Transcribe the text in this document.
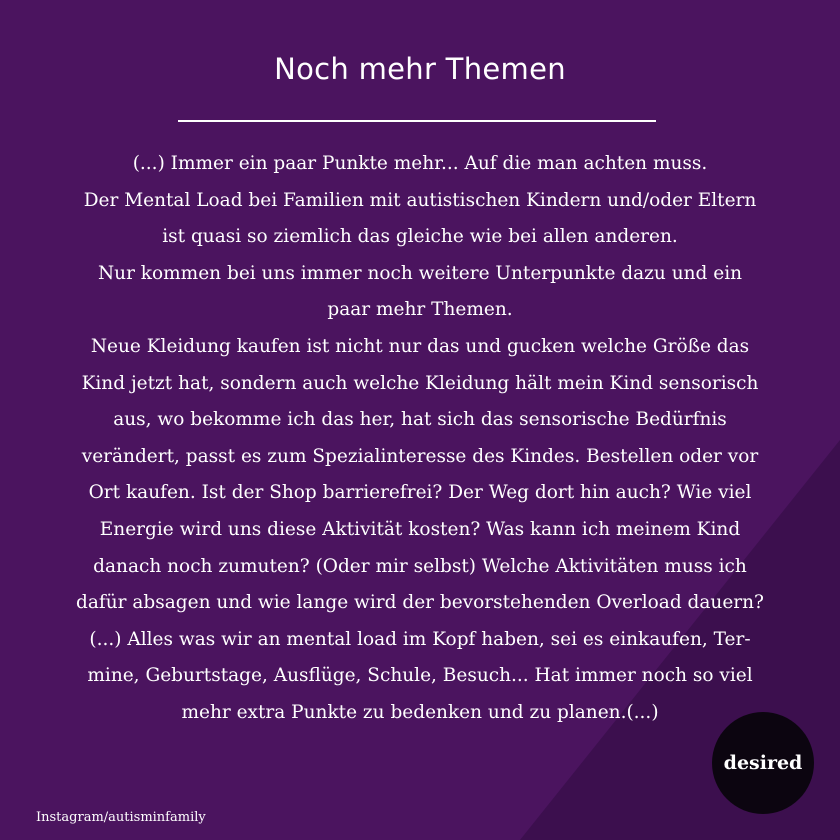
Noch mehr Themen

(...) Immer ein paar Punkte mehr... Auf die man achten muss.
Der Mental Load bei Familien mit autistischen Kindern und/oder Eltern
ist quasi so ziemlich das gleiche wie bei allen anderen.
Nur kommen bei uns immer noch weitere Unterpunkte dazu und ein
paar mehr Themen.
Neue Kleidung kaufen ist nicht nur das und gucken welche Größe das
Kind jetzt hat, sondern auch welche Kleidung hält mein Kind sensorisch
aus, wo bekomme ich das her, hat sich das sensorische Bedürfnis
verändert, passt es zum Spezialinteresse des Kindes. Bestellen oder vor
Ort kaufen. Ist der Shop barrierefrei? Der Weg dort hin auch? Wie viel
Energie wird uns diese Aktivität kosten? Was kann ich meinem Kind
danach noch zumuten? (Oder mir selbst) Welche Aktivitäten muss ich
dafür absagen und wie lange wird der bevorstehenden Overload dauern?
(...) Alles was wir an mental load im Kopf haben, sei es einkaufen, Ter-
mine, Geburtstage, Ausflüge, Schule, Besuch... Hat immer noch so viel
mehr extra Punkte zu bedenken und zu planen.(...)

Instagram/autisminfamily
desired
